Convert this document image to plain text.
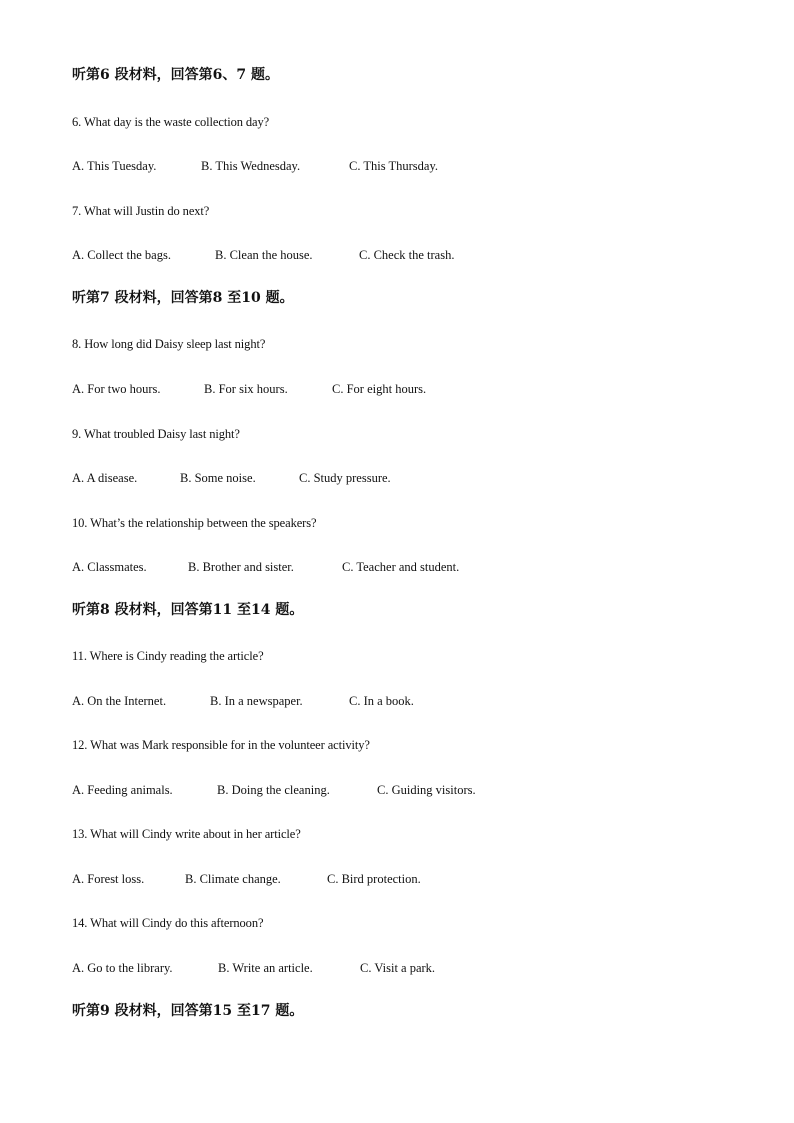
听第6 段材料，回答第6、7 题。
6. What day is the waste collection day?
A. This Tuesday.	B. This Wednesday.	C. This Thursday.
7. What will Justin do next?
A. Collect the bags.	B. Clean the house.	C. Check the trash.
听第7 段材料，回答第8 至10 题。
8. How long did Daisy sleep last night?
A. For two hours.	B. For six hours.	C. For eight hours.
9. What troubled Daisy last night?
A. A disease.	B. Some noise.	C. Study pressure.
10. What’s the relationship between the speakers?
A. Classmates.	B. Brother and sister.	C. Teacher and student.
听第8 段材料，回答第11 至14 题。
11. Where is Cindy reading the article?
A. On the Internet.	B. In a newspaper.	C. In a book.
12. What was Mark responsible for in the volunteer activity?
A. Feeding animals.	B. Doing the cleaning.	C. Guiding visitors.
13. What will Cindy write about in her article?
A. Forest loss.	B. Climate change.	C. Bird protection.
14. What will Cindy do this afternoon?
A. Go to the library.	B. Write an article.	C. Visit a park.
听第9 段材料，回答第15 至17 题。
